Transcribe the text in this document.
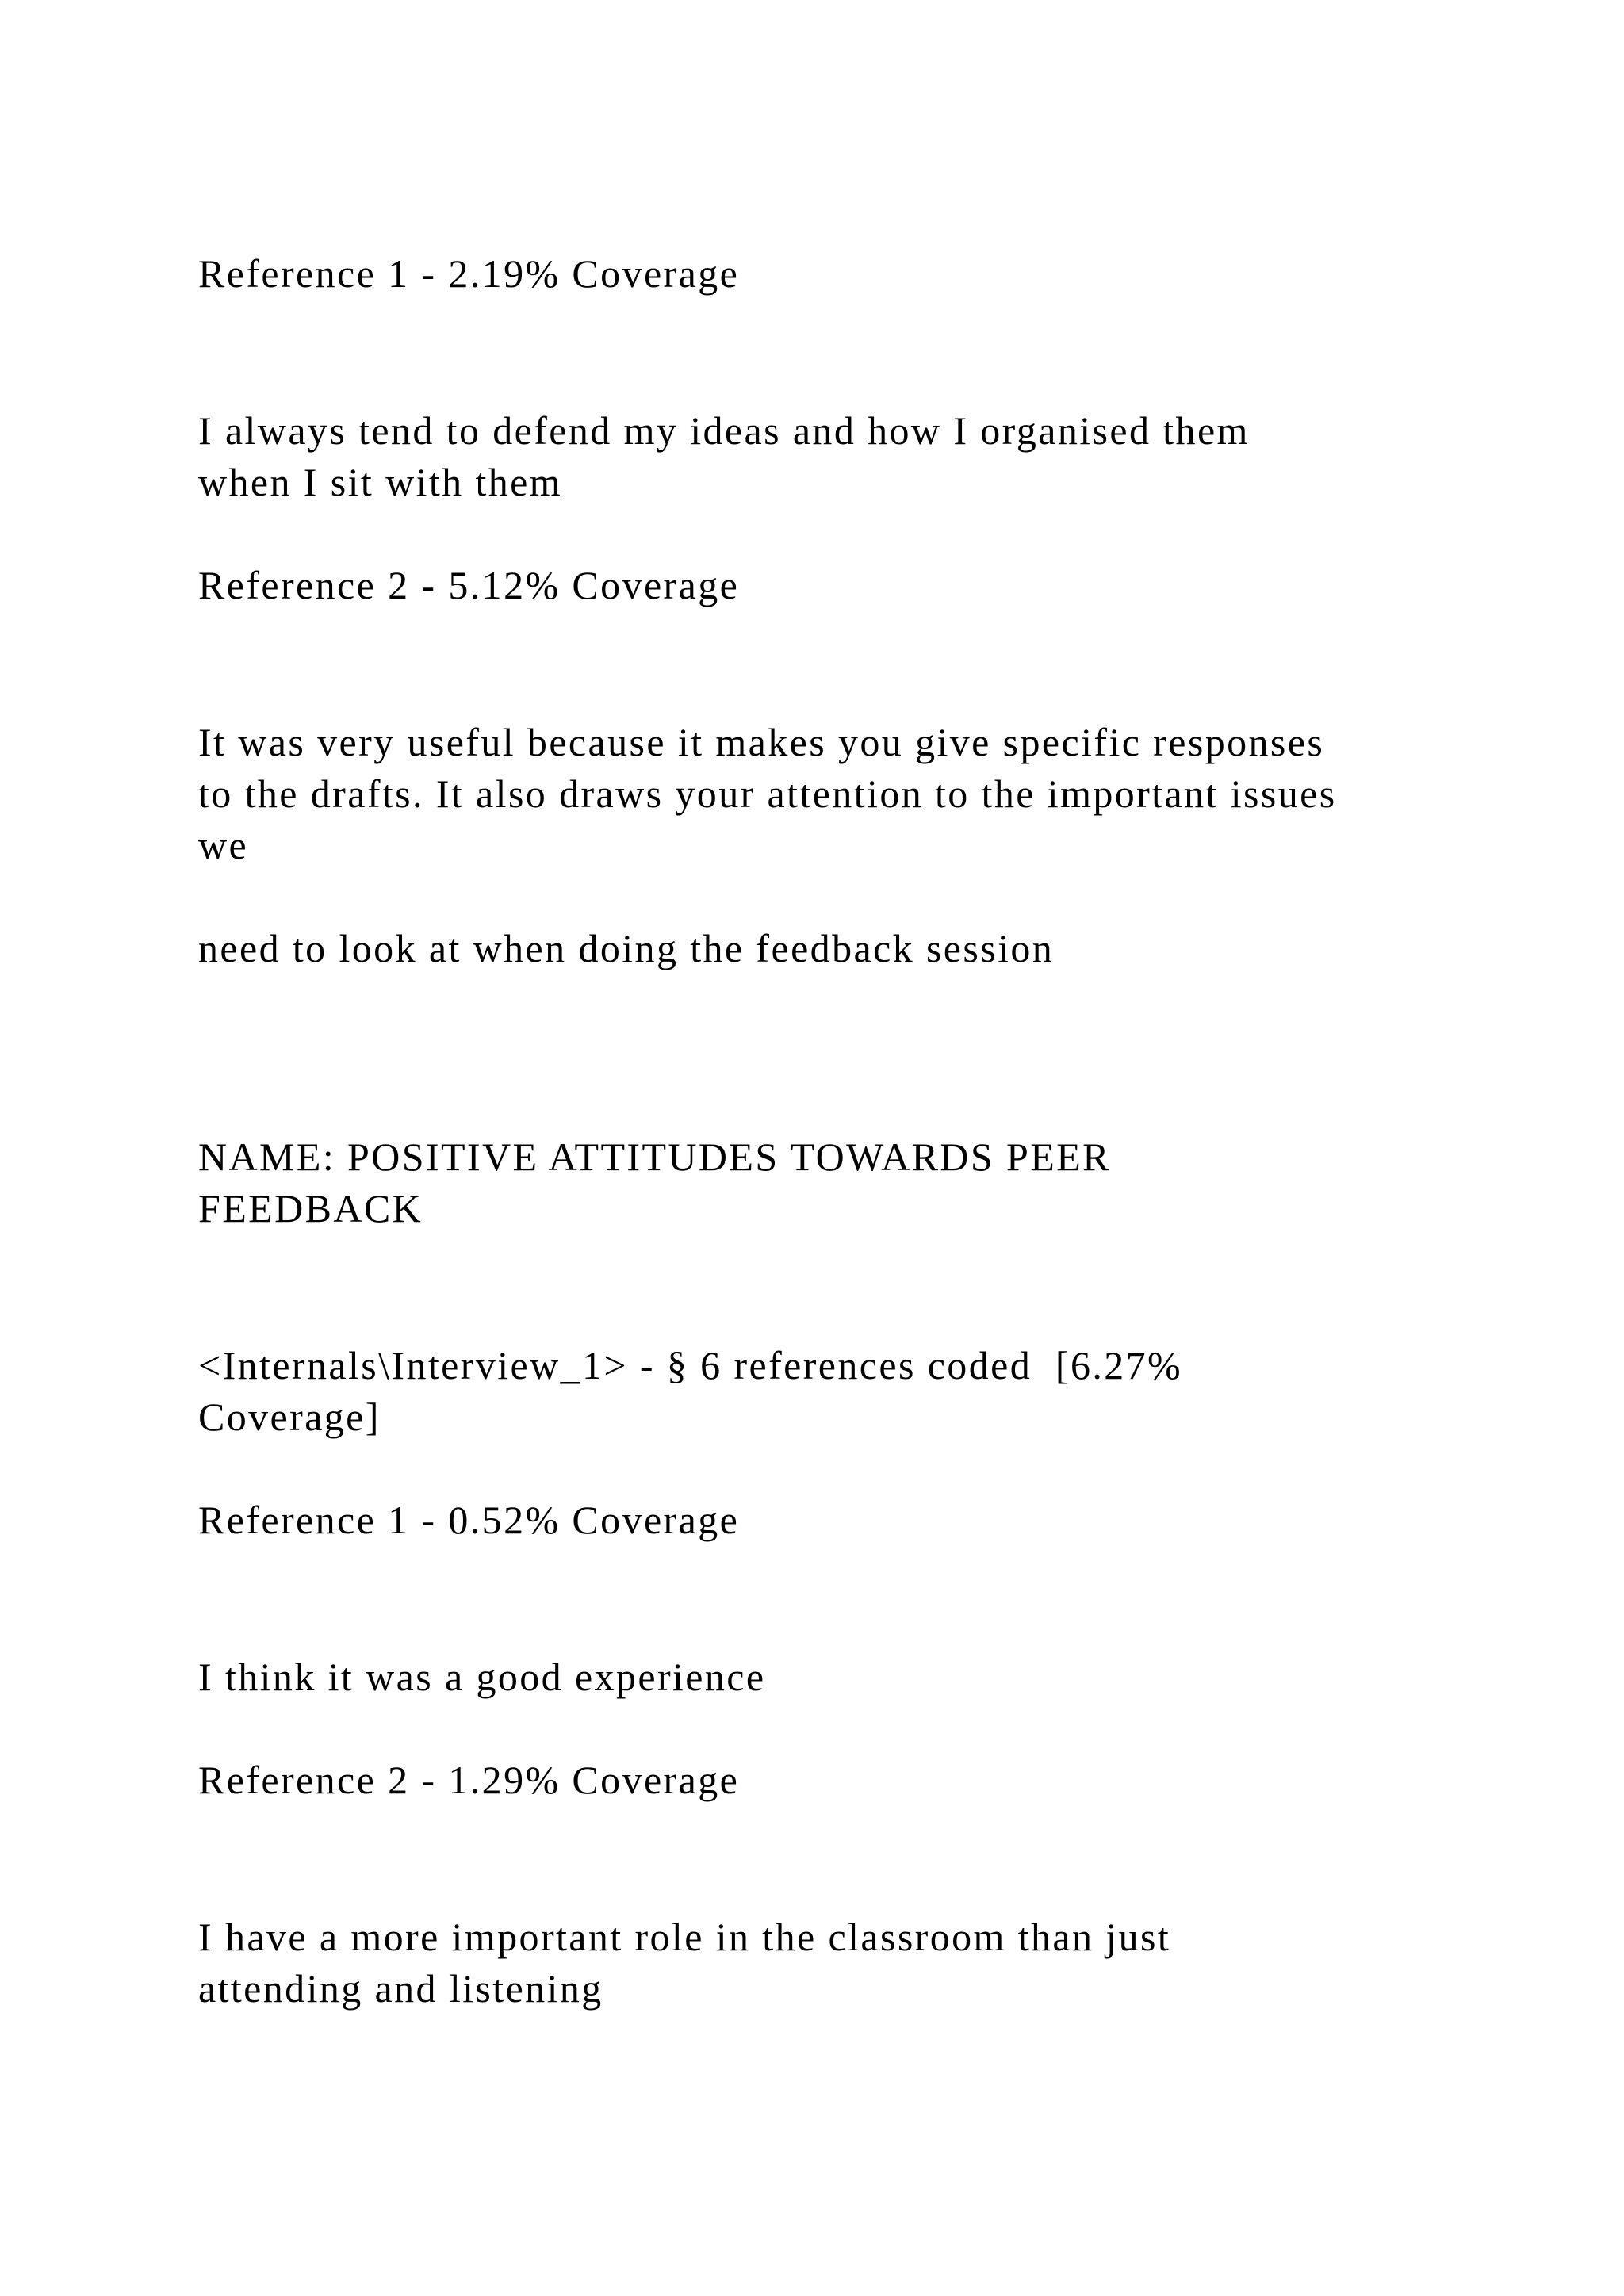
Reference 1 - 2.19% Coverage

I always tend to defend my ideas and how I organised them

when I sit with them

Reference 2 - 5.12% Coverage

It was very useful because it makes you give specific responses

to the drafts. It also draws your attention to the important issues

we

need to look at when doing the feedback session

NAME: POSITIVE ATTITUDES TOWARDS PEER

FEEDBACK

<Internals\Interview_1> - § 6 references coded  [6.27%

Coverage]

Reference 1 - 0.52% Coverage

I think it was a good experience

Reference 2 - 1.29% Coverage

I have a more important role in the classroom than just

attending and listening
